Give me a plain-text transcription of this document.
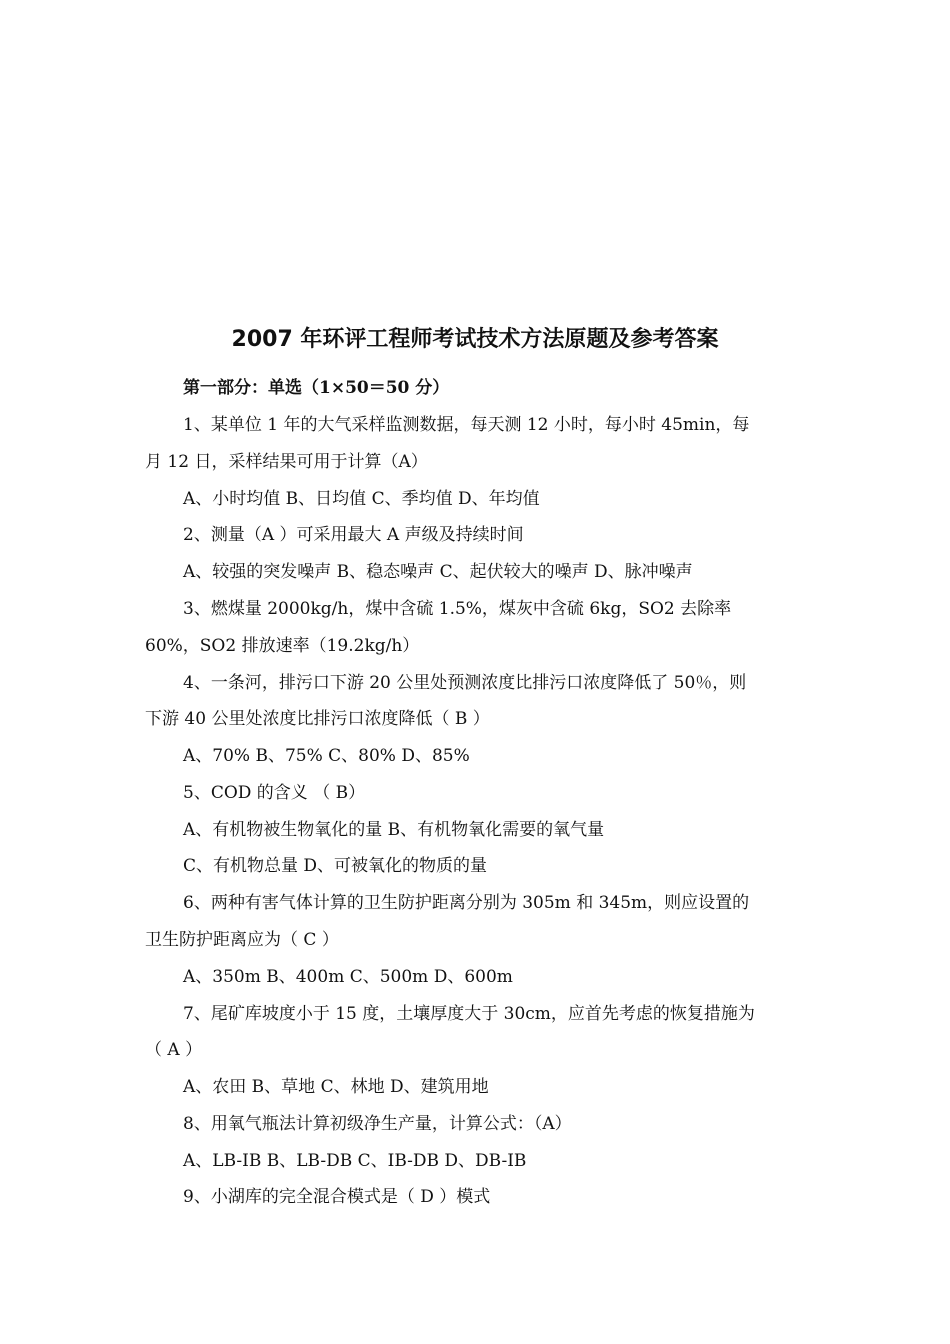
2007 年环评工程师考试技术方法原题及参考答案
第一部分：单选（1×50＝50 分）
1、某单位 1 年的大气采样监测数据，每天测 12 小时，每小时 45min，每
月 12 日，采样结果可用于计算（A）
A、小时均值 B、日均值 C、季均值 D、年均值
2、测量（A ）可采用最大 A 声级及持续时间
A、较强的突发噪声 B、稳态噪声 C、起伏较大的噪声 D、脉冲噪声
3、燃煤量 2000kg/h，煤中含硫 1.5%，煤灰中含硫 6kg，SO2 去除率
60%，SO2 排放速率（19.2kg/h）
4、一条河，排污口下游 20 公里处预测浓度比排污口浓度降低了 50％，则
下游 40 公里处浓度比排污口浓度降低（ B ）
A、70% B、75% C、80% D、85%
5、COD 的含义 （ B）
A、有机物被生物氧化的量 B、有机物氧化需要的氧气量
C、有机物总量 D、可被氧化的物质的量
6、两种有害气体计算的卫生防护距离分别为 305m 和 345m，则应设置的
卫生防护距离应为（ C ）
A、350m B、400m C、500m D、600m
7、尾矿库坡度小于 15 度，土壤厚度大于 30cm，应首先考虑的恢复措施为
（ A ）
A、农田 B、草地 C、林地 D、建筑用地
8、用氧气瓶法计算初级净生产量，计算公式：（A）
A、LB-IB B、LB-DB C、IB-DB D、DB-IB
9、小湖库的完全混合模式是（ D ）模式
